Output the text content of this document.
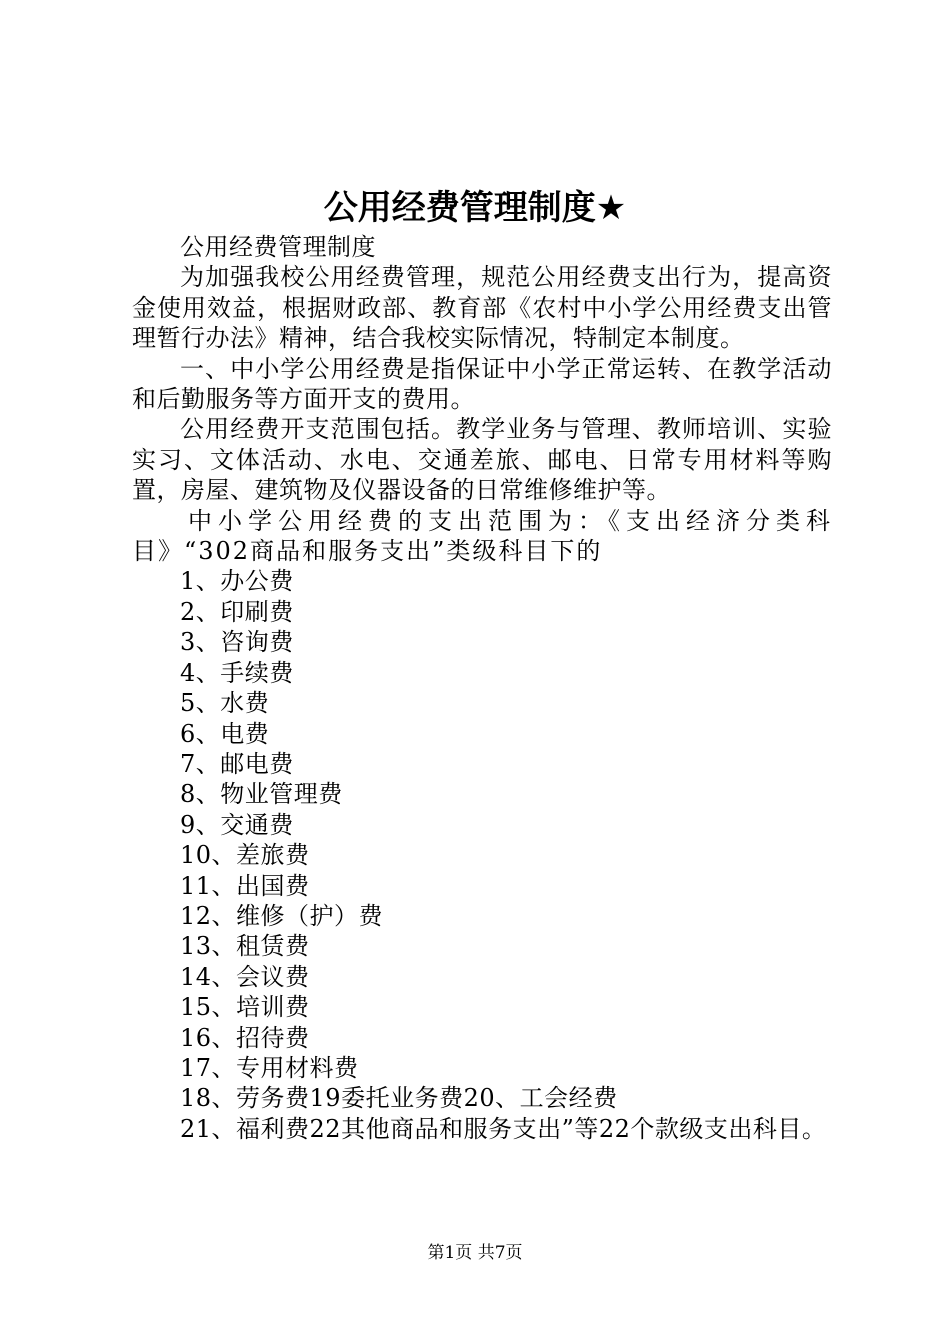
公用经费管理制度★

公用经费管理制度

为加强我校公用经费管理，规范公用经费支出行为，提高资金使用效益，根据财政部、教育部《农村中小学公用经费支出管理暂行办法》精神，结合我校实际情况，特制定本制度。

一、中小学公用经费是指保证中小学正常运转、在教学活动和后勤服务等方面开支的费用。

公用经费开支范围包括。教学业务与管理、教师培训、实验实习、文体活动、水电、交通差旅、邮电、日常专用材料等购置，房屋、建筑物及仪器设备的日常维修维护等。

中小学公用经费的支出范围为：《支出经济分类科目》“302商品和服务支出”类级科目下的

1、办公费

2、印刷费

3、咨询费

4、手续费

5、水费

6、电费

7、邮电费

8、物业管理费

9、交通费

10、差旅费

11、出国费

12、维修（护）费

13、租赁费

14、会议费

15、培训费

16、招待费

17、专用材料费

18、劳务费19委托业务费20、工会经费

21、福利费22其他商品和服务支出”等22个款级支出科目。

第1页 共7页
